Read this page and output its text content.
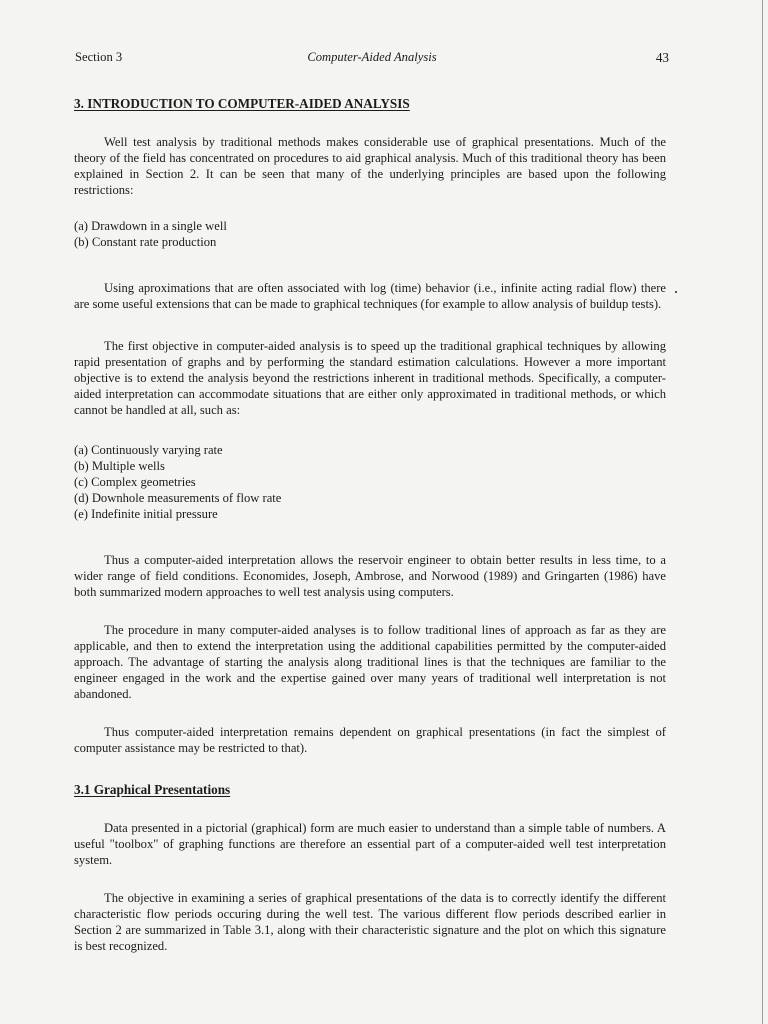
Section 3	Computer-Aided Analysis	43
3. INTRODUCTION TO COMPUTER-AIDED ANALYSIS

Well test analysis by traditional methods makes considerable use of graphical presentations. Much of the theory of the field has concentrated on procedures to aid graphical analysis. Much of this traditional theory has been explained in Section 2. It can be seen that many of the underlying principles are based upon the following restrictions:

(a) Drawdown in a single well
(b) Constant rate production

Using aproximations that are often associated with log (time) behavior (i.e., infinite acting radial flow) there are some useful extensions that can be made to graphical techniques (for example to allow analysis of buildup tests).

The first objective in computer-aided analysis is to speed up the traditional graphical techniques by allowing rapid presentation of graphs and by performing the standard estimation calculations. However a more important objective is to extend the analysis beyond the restrictions inherent in traditional methods. Specifically, a computer-aided interpretation can accommodate situations that are either only approximated in traditional methods, or which cannot be handled at all, such as:

(a) Continuously varying rate
(b) Multiple wells
(c) Complex geometries
(d) Downhole measurements of flow rate
(e) Indefinite initial pressure

Thus a computer-aided interpretation allows the reservoir engineer to obtain better results in less time, to a wider range of field conditions. Economides, Joseph, Ambrose, and Norwood (1989) and Gringarten (1986) have both summarized modern approaches to well test analysis using computers.

The procedure in many computer-aided analyses is to follow traditional lines of approach as far as they are applicable, and then to extend the interpretation using the additional capabilities permitted by the computer-aided approach. The advantage of starting the analysis along traditional lines is that the techniques are familiar to the engineer engaged in the work and the expertise gained over many years of traditional well interpretation is not abandoned.

Thus computer-aided interpretation remains dependent on graphical presentations (in fact the simplest of computer assistance may be restricted to that).

3.1 Graphical Presentations

Data presented in a pictorial (graphical) form are much easier to understand than a simple table of numbers. A useful "toolbox" of graphing functions are therefore an essential part of a computer-aided well test interpretation system.

The objective in examining a series of graphical presentations of the data is to correctly identify the different characteristic flow periods occuring during the well test. The various different flow periods described earlier in Section 2 are summarized in Table 3.1, along with their characteristic signature and the plot on which this signature is best recognized.
